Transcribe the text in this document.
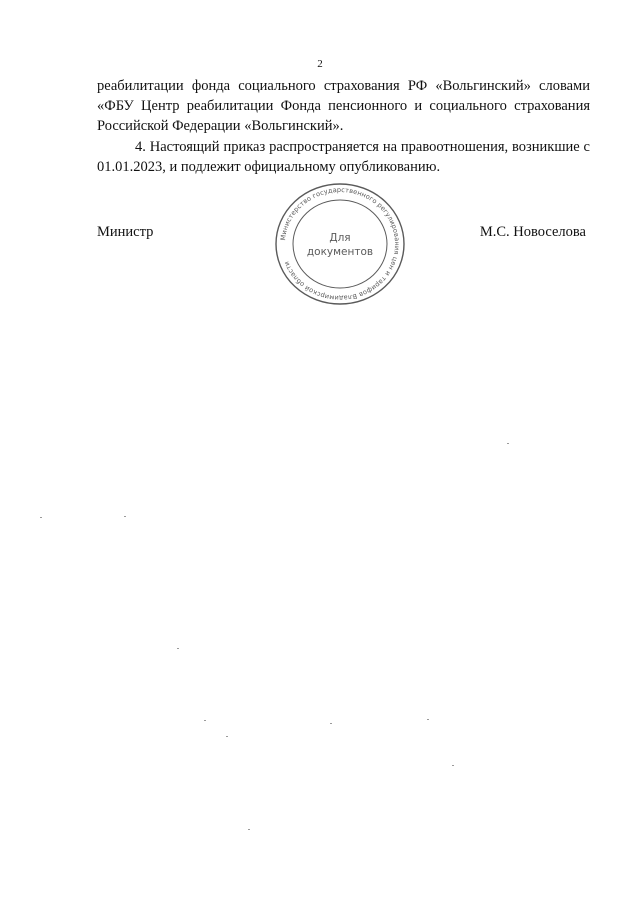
2

реабилитации фонда социального страхования РФ «Вольгинский» словами «ФБУ Центр реабилитации Фонда пенсионного и социального страхования Российской Федерации «Вольгинский».

4. Настоящий приказ распространяется на правоотношения, возникшие с 01.01.2023, и подлежит официальному опубликованию.

Министр	М.С. Новоселова
Министерство государственного регулирования цен и тарифов Владимирской области
Для
документов
